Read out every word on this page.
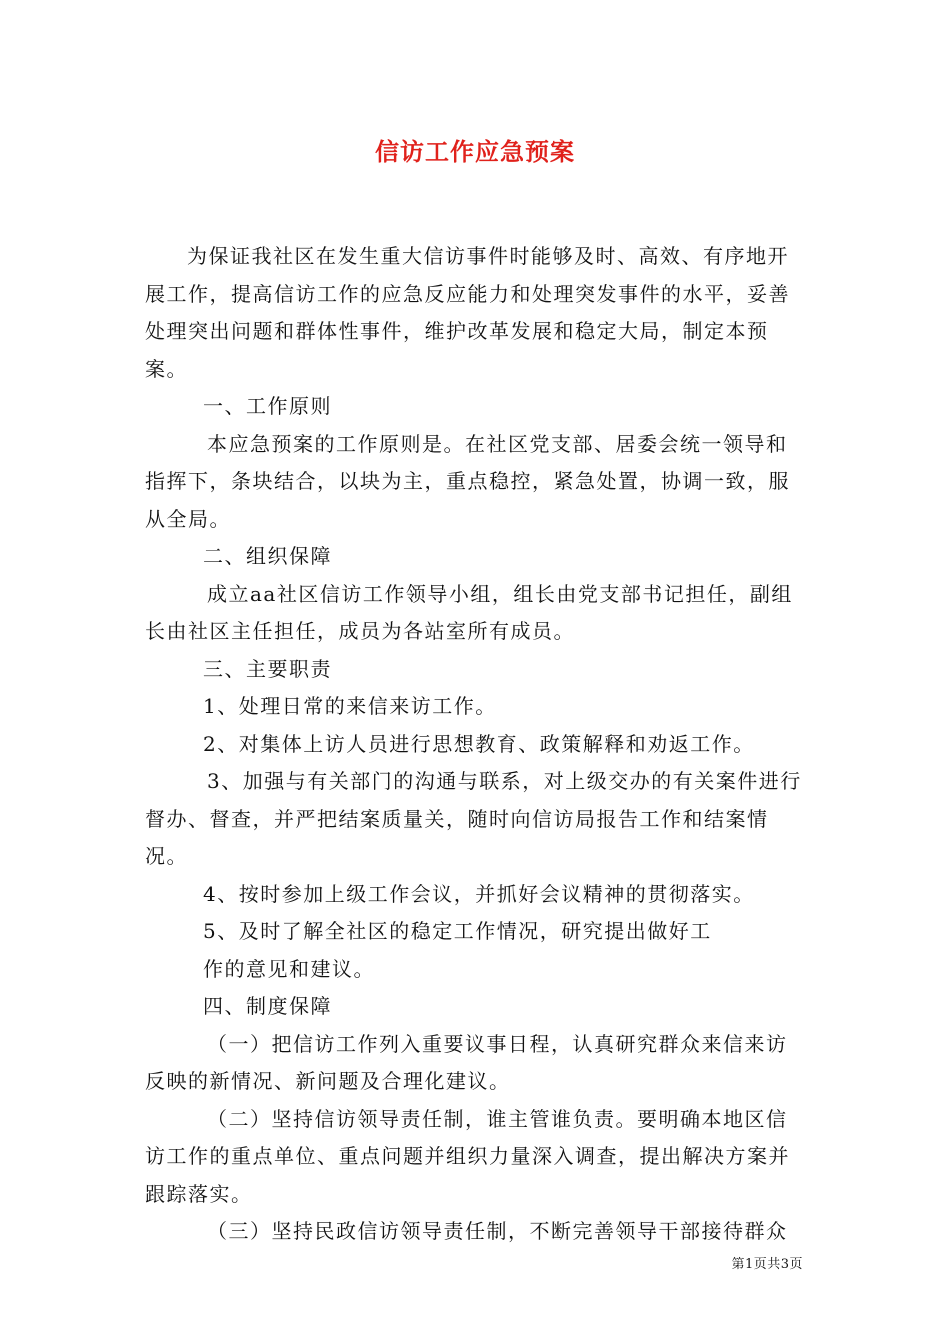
信访工作应急预案

为保证我社区在发生重大信访事件时能够及时、高效、有序地开展工作，提高信访工作的应急反应能力和处理突发事件的水平，妥善处理突出问题和群体性事件，维护改革发展和稳定大局，制定本预案。

一、工作原则

本应急预案的工作原则是。在社区党支部、居委会统一领导和指挥下，条块结合，以块为主，重点稳控，紧急处置，协调一致，服从全局。

二、组织保障

成立aa社区信访工作领导小组，组长由党支部书记担任，副组长由社区主任担任，成员为各站室所有成员。

三、主要职责

1、处理日常的来信来访工作。

2、对集体上访人员进行思想教育、政策解释和劝返工作。

3、加强与有关部门的沟通与联系，对上级交办的有关案件进行督办、督查，并严把结案质量关，随时向信访局报告工作和结案情况。

4、按时参加上级工作会议，并抓好会议精神的贯彻落实。

5、及时了解全社区的稳定工作情况，研究提出做好工

作的意见和建议。

四、制度保障

（一）把信访工作列入重要议事日程，认真研究群众来信来访反映的新情况、新问题及合理化建议。

（二）坚持信访领导责任制，谁主管谁负责。要明确本地区信访工作的重点单位、重点问题并组织力量深入调查，提出解决方案并跟踪落实。

（三）坚持民政信访领导责任制，不断完善领导干部接待群众

第1页共3页
